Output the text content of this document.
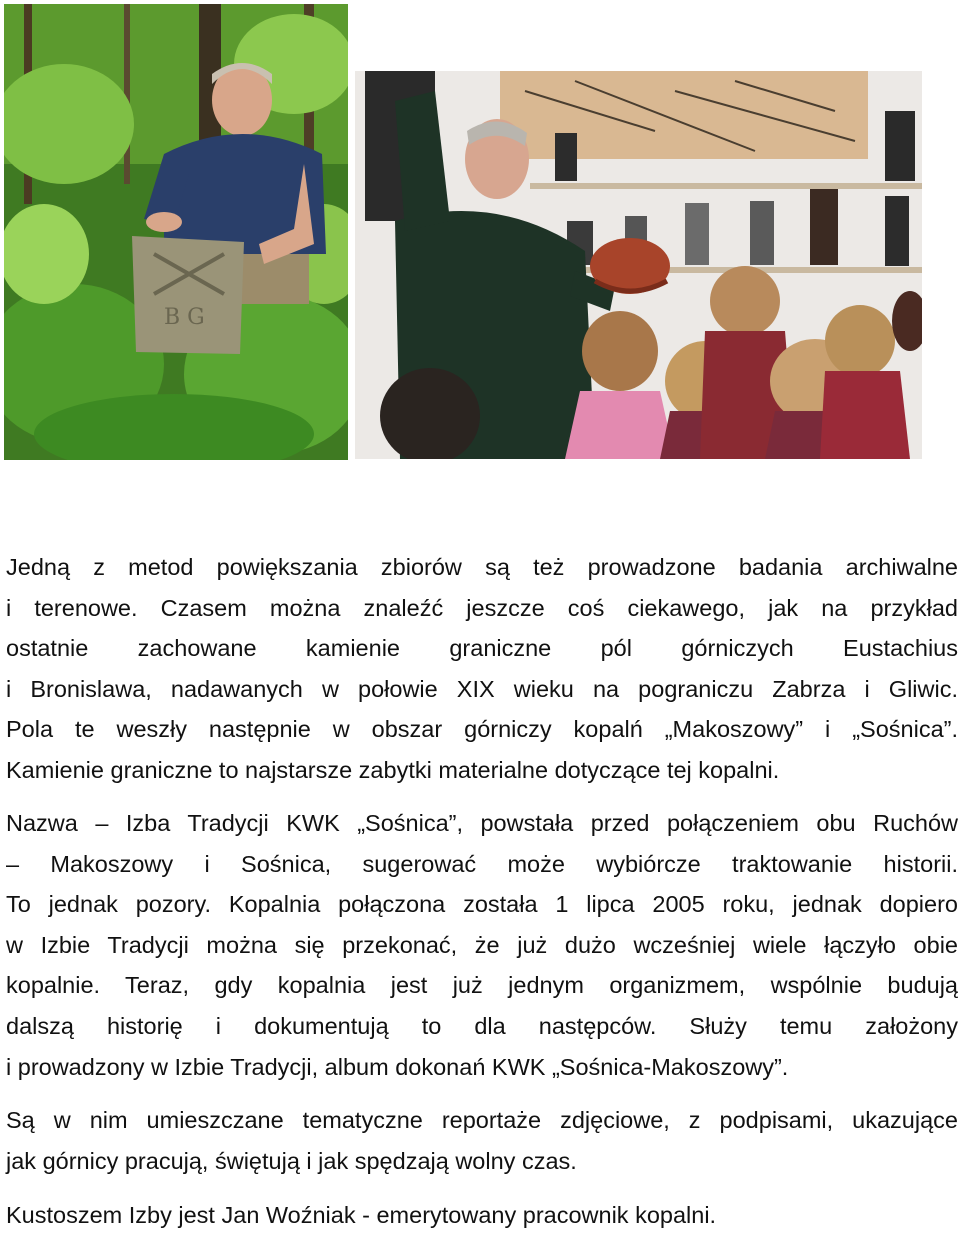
B G

Jedną z metod powiększania zbiorów są też prowadzone badania archiwalne
i terenowe. Czasem można znaleźć jeszcze coś ciekawego, jak na przykład
ostatnie zachowane kamienie graniczne pól górniczych Eustachius
i Bronislawa, nadawanych w połowie XIX wieku na pograniczu Zabrza i Gliwic.
Pola te weszły następnie w obszar górniczy kopalń „Makoszowy” i „Sośnica”.
Kamienie graniczne to najstarsze zabytki materialne dotyczące tej kopalni.

Nazwa – Izba Tradycji KWK „Sośnica”, powstała przed połączeniem obu Ruchów
– Makoszowy i Sośnica, sugerować może wybiórcze traktowanie historii.
To jednak pozory. Kopalnia połączona została 1 lipca 2005 roku, jednak dopiero
w Izbie Tradycji można się przekonać, że już dużo wcześniej wiele łączyło obie
kopalnie. Teraz, gdy kopalnia jest już jednym organizmem, wspólnie budują
dalszą historię i dokumentują to dla następców. Służy temu założony
i prowadzony w Izbie Tradycji, album dokonań KWK „Sośnica-Makoszowy”.

Są w nim umieszczane tematyczne reportaże zdjęciowe, z podpisami, ukazujące
jak górnicy pracują, świętują i jak spędzają wolny czas.

Kustoszem Izby jest Jan Woźniak - emerytowany pracownik kopalni.
